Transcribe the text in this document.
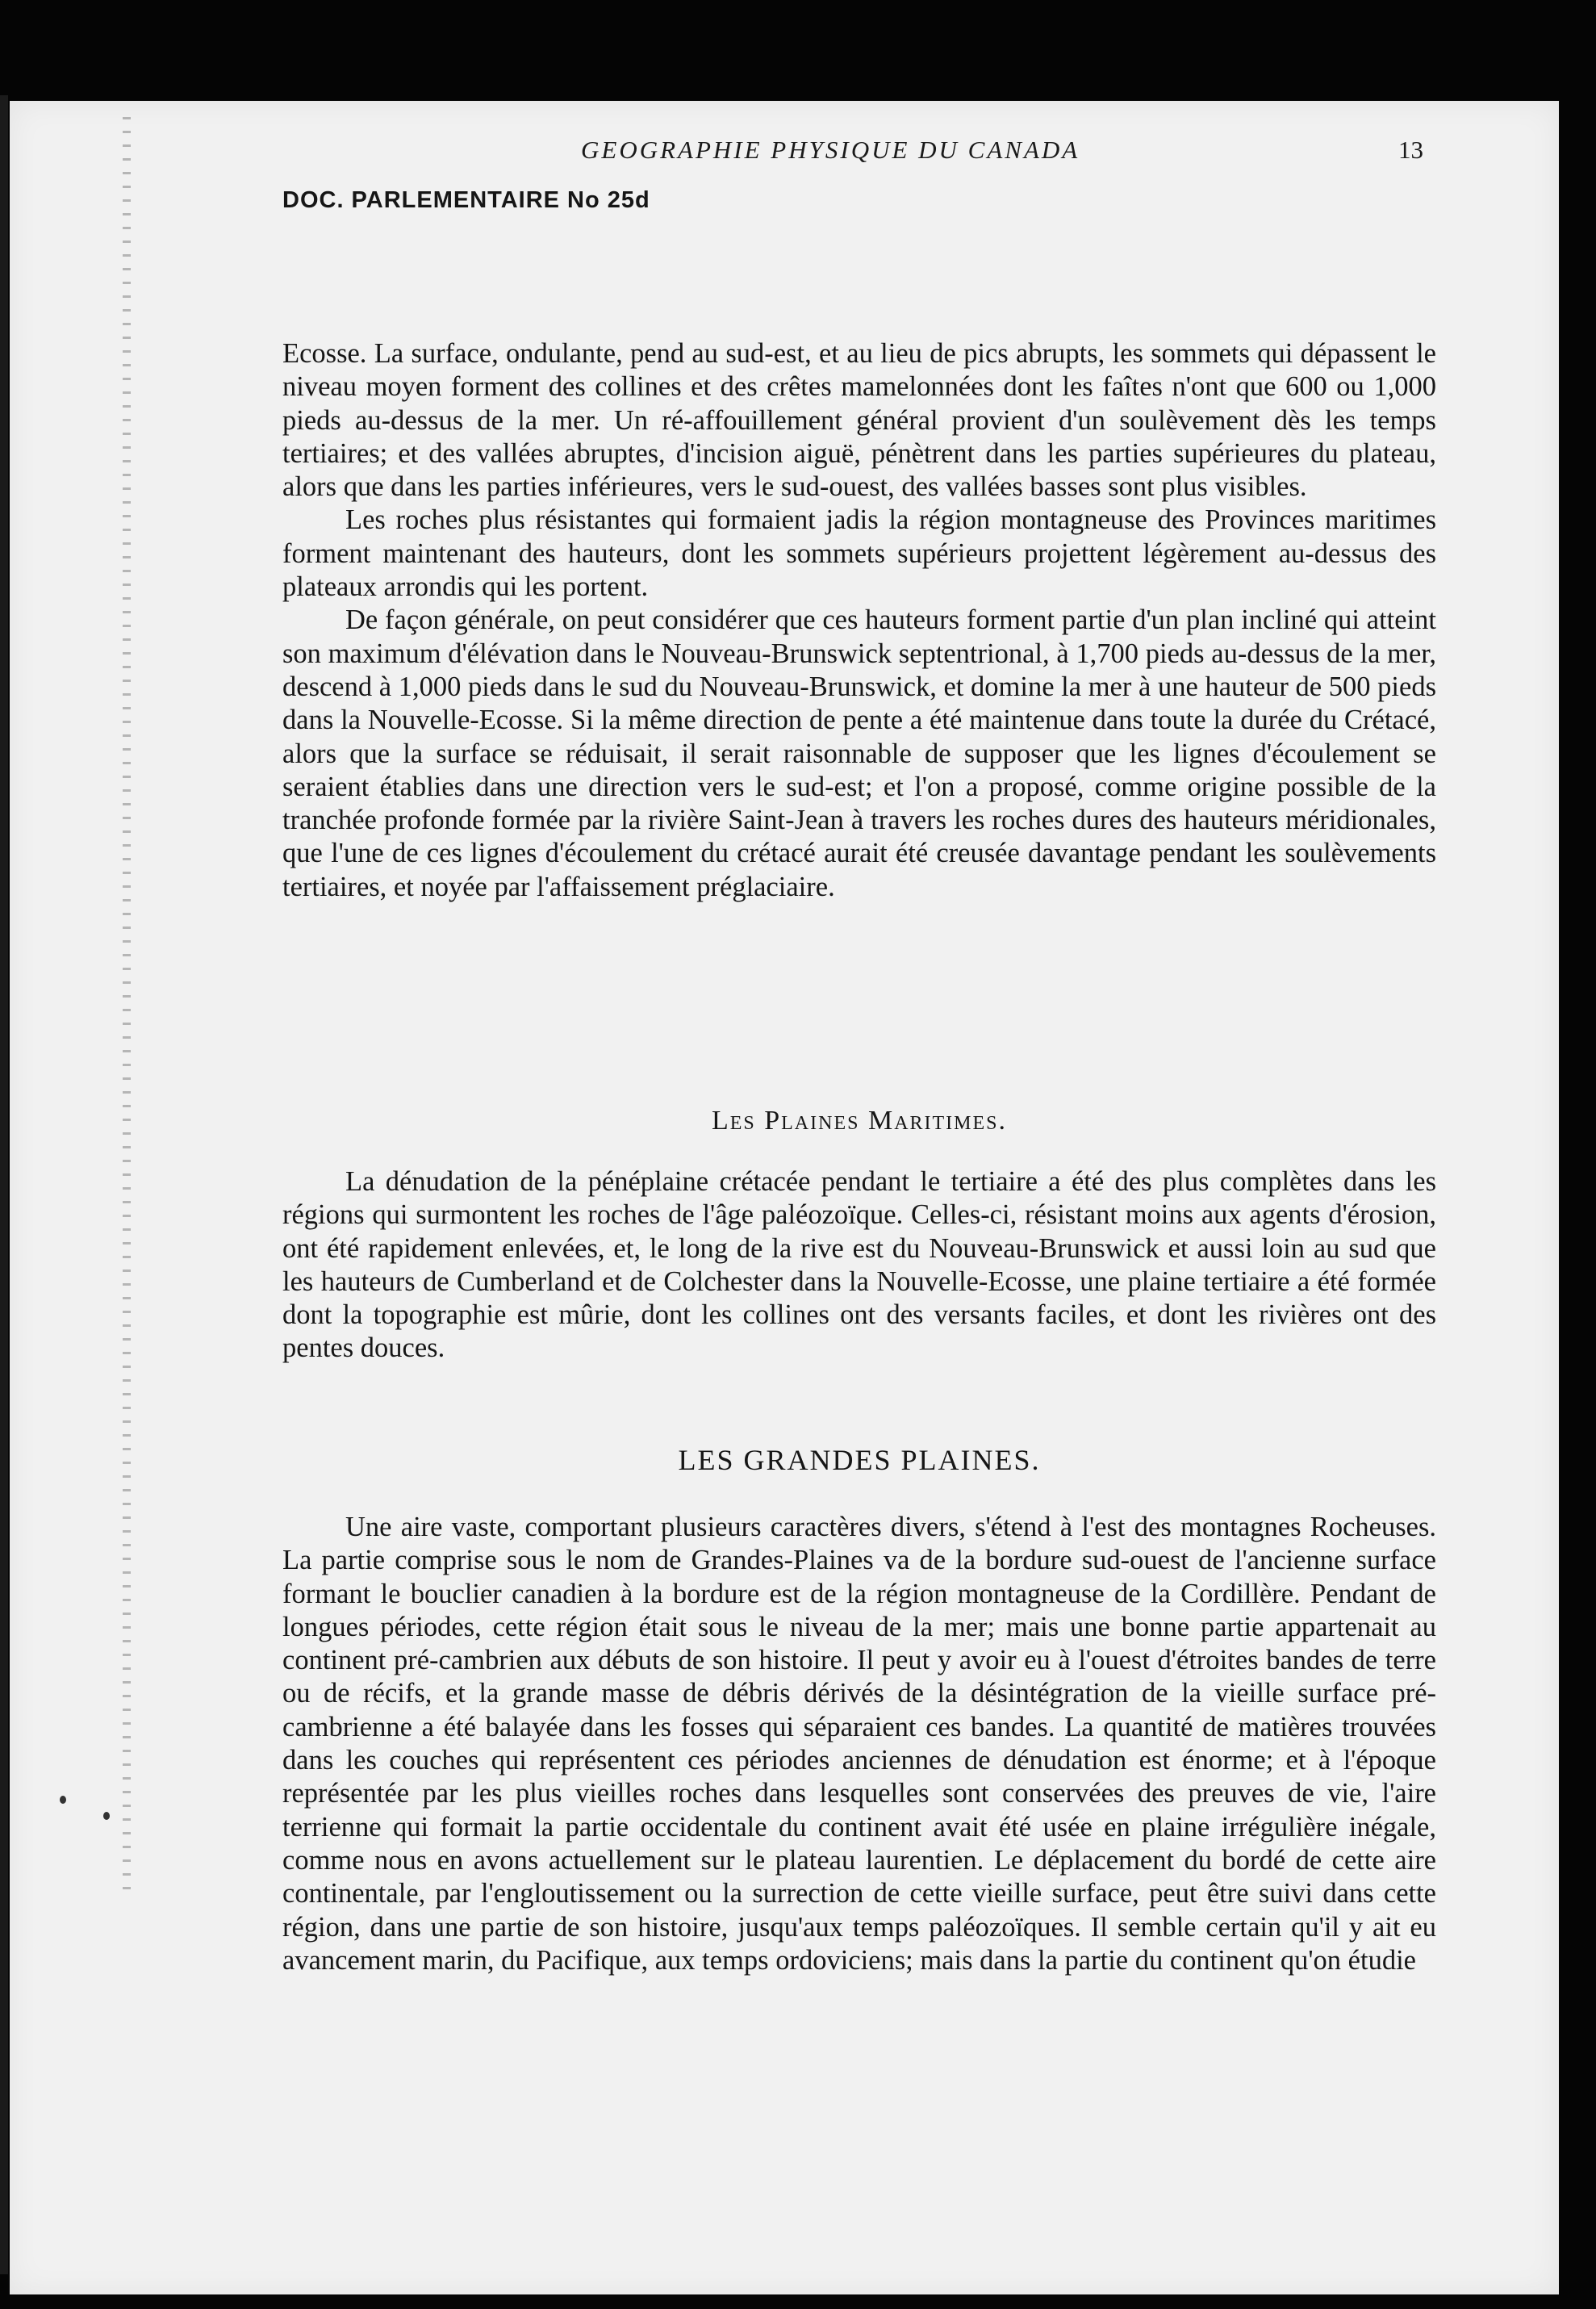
GEOGRAPHIE PHYSIQUE DU CANADA	13
DOC. PARLEMENTAIRE No 25d

Ecosse. La surface, ondulante, pend au sud-est, et au lieu de pics abrupts, les sommets qui dépassent le niveau moyen forment des collines et des crêtes mamelonnées dont les faîtes n'ont que 600 ou 1,000 pieds au-dessus de la mer. Un ré-affouillement général provient d'un soulèvement dès les temps tertiaires; et des vallées abruptes, d'incision aiguë, pénètrent dans les parties supérieures du plateau, alors que dans les parties inférieures, vers le sud-ouest, des vallées basses sont plus visibles.

Les roches plus résistantes qui formaient jadis la région montagneuse des Provinces maritimes forment maintenant des hauteurs, dont les sommets supérieurs projettent légèrement au-dessus des plateaux arrondis qui les portent.

De façon générale, on peut considérer que ces hauteurs forment partie d'un plan incliné qui atteint son maximum d'élévation dans le Nouveau-Brunswick septentrional, à 1,700 pieds au-dessus de la mer, descend à 1,000 pieds dans le sud du Nouveau-Brunswick, et domine la mer à une hauteur de 500 pieds dans la Nouvelle-Ecosse. Si la même direction de pente a été maintenue dans toute la durée du Crétacé, alors que la surface se réduisait, il serait raisonnable de supposer que les lignes d'écoulement se seraient établies dans une direction vers le sud-est; et l'on a proposé, comme origine possible de la tranchée profonde formée par la rivière Saint-Jean à travers les roches dures des hauteurs méridionales, que l'une de ces lignes d'écoulement du crétacé aurait été creusée davantage pendant les soulèvements tertiaires, et noyée par l'affaissement préglaciaire.

Les Plaines Maritimes.

La dénudation de la pénéplaine crétacée pendant le tertiaire a été des plus complètes dans les régions qui surmontent les roches de l'âge paléozoïque. Celles-ci, résistant moins aux agents d'érosion, ont été rapidement enlevées, et, le long de la rive est du Nouveau-Brunswick et aussi loin au sud que les hauteurs de Cumberland et de Colchester dans la Nouvelle-Ecosse, une plaine tertiaire a été formée dont la topographie est mûrie, dont les collines ont des versants faciles, et dont les rivières ont des pentes douces.

LES GRANDES PLAINES.

Une aire vaste, comportant plusieurs caractères divers, s'étend à l'est des montagnes Rocheuses. La partie comprise sous le nom de Grandes-Plaines va de la bordure sud-ouest de l'ancienne surface formant le bouclier canadien à la bordure est de la région montagneuse de la Cordillère. Pendant de longues périodes, cette région était sous le niveau de la mer; mais une bonne partie appartenait au continent pré-cambrien aux débuts de son histoire. Il peut y avoir eu à l'ouest d'étroites bandes de terre ou de récifs, et la grande masse de débris dérivés de la désintégration de la vieille surface pré-cambrienne a été balayée dans les fosses qui séparaient ces bandes. La quantité de matières trouvées dans les couches qui représentent ces périodes anciennes de dénudation est énorme; et à l'époque représentée par les plus vieilles roches dans lesquelles sont conservées des preuves de vie, l'aire terrienne qui formait la partie occidentale du continent avait été usée en plaine irrégulière inégale, comme nous en avons actuellement sur le plateau laurentien. Le déplacement du bordé de cette aire continentale, par l'engloutissement ou la surrection de cette vieille surface, peut être suivi dans cette région, dans une partie de son histoire, jusqu'aux temps paléozoïques. Il semble certain qu'il y ait eu avancement marin, du Pacifique, aux temps ordoviciens; mais dans la partie du continent qu'on étudie
